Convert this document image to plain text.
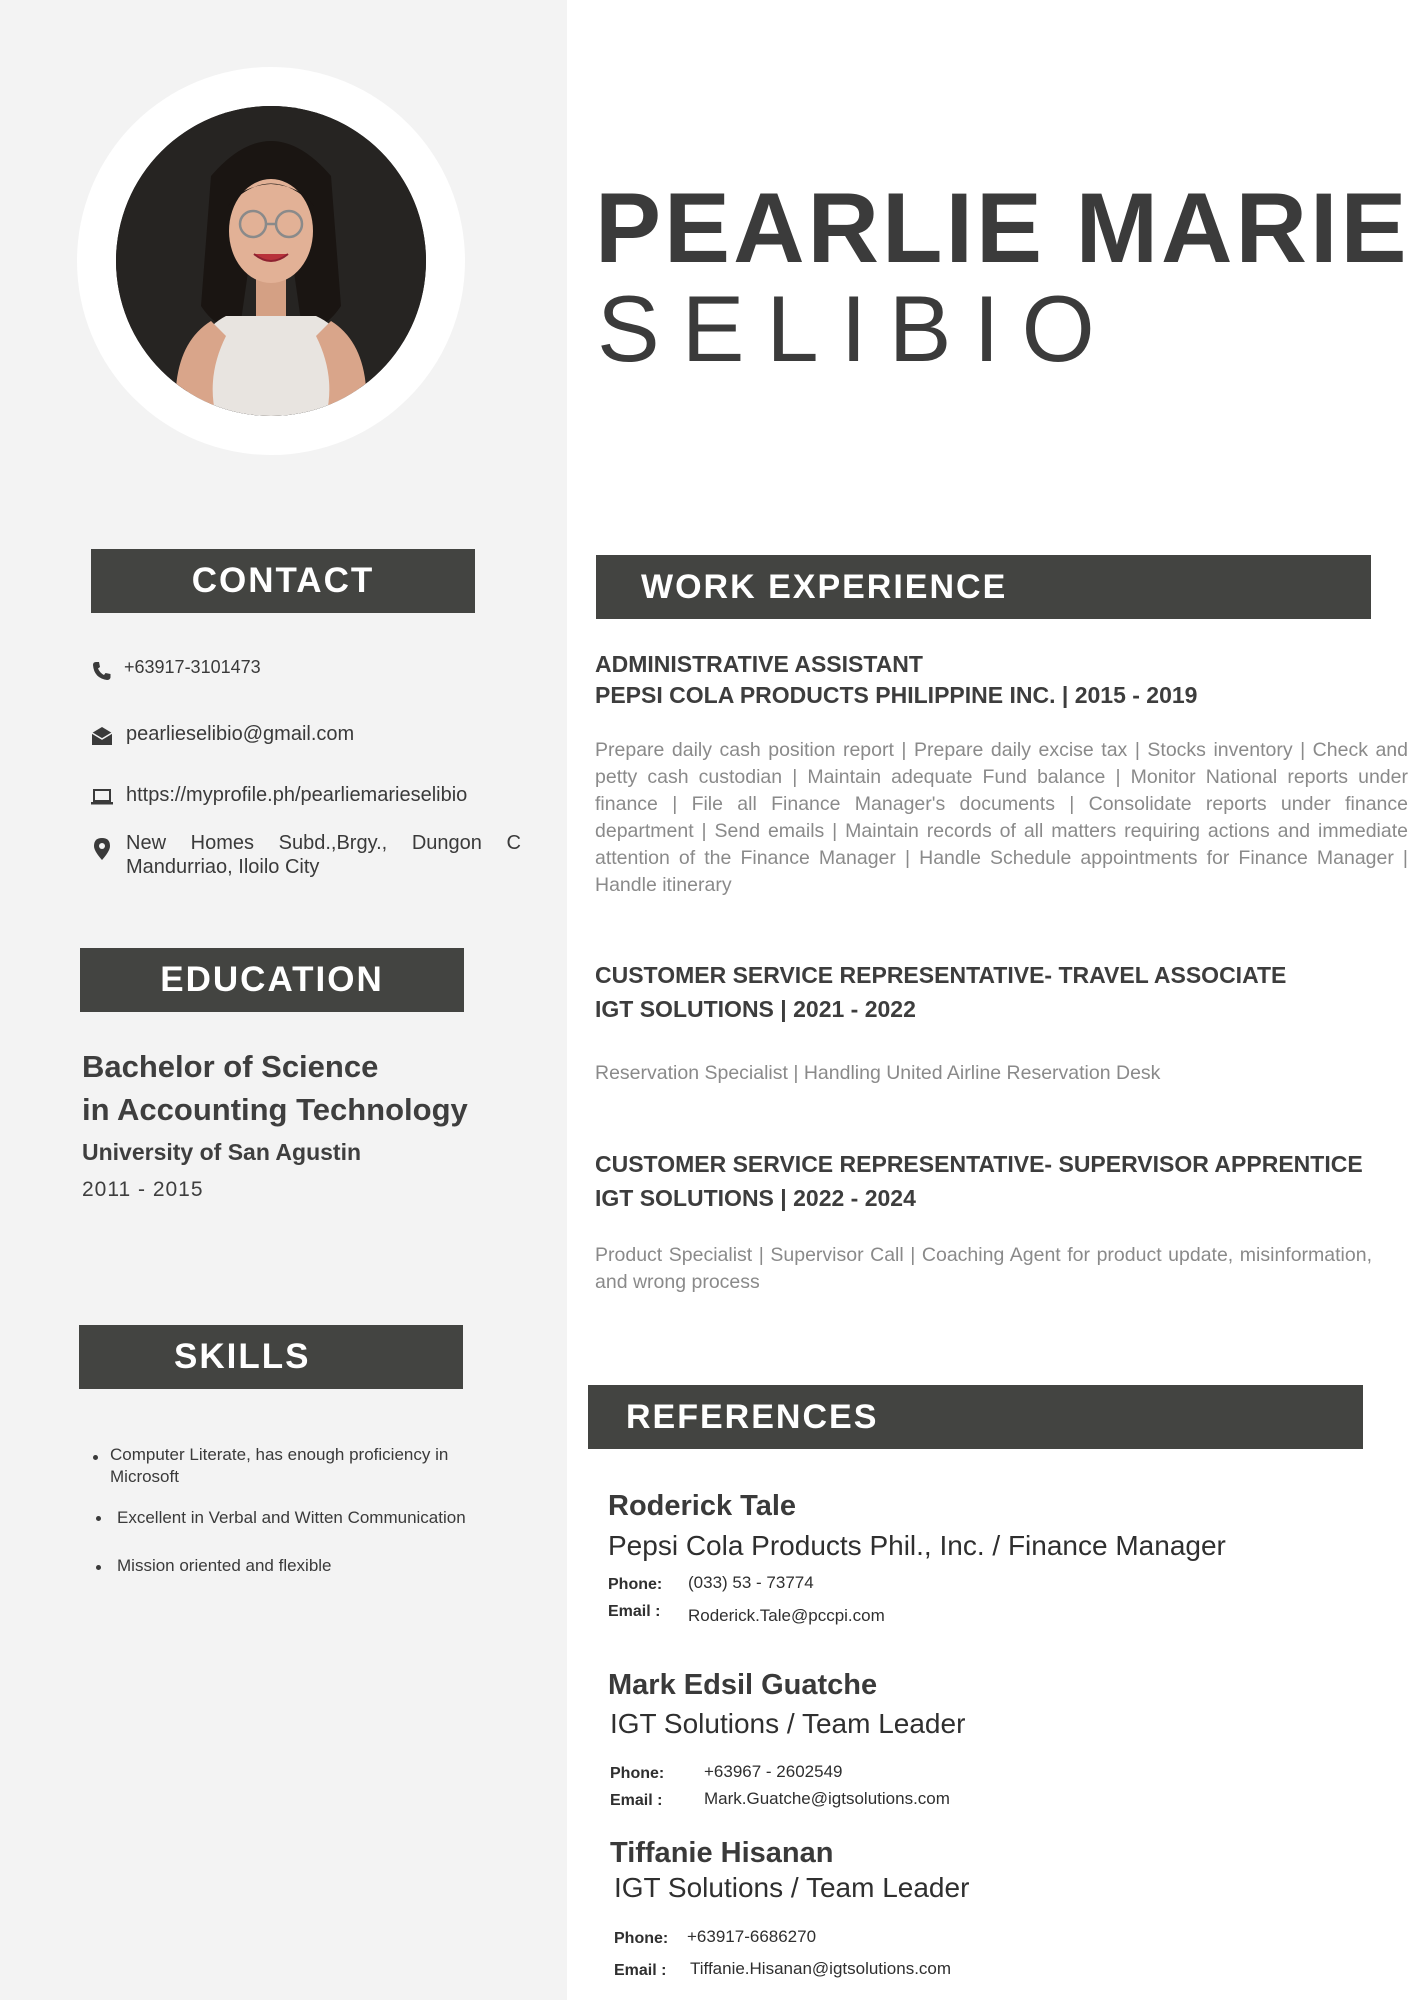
PEARLIE MARIE
SELIBIO
CONTACT
+63917-3101473
pearlieselibio@gmail.com
https://myprofile.ph/pearliemarieselibio
New Homes Subd.,Brgy., Dungon C
Mandurriao, Iloilo City
EDUCATION
Bachelor of Science
in Accounting Technology
University of San Agustin
2011 - 2015
SKILLS
Computer Literate, has enough proficiency in
Microsoft
Excellent in Verbal and Witten Communication
Mission oriented and flexible
WORK EXPERIENCE
ADMINISTRATIVE ASSISTANT
PEPSI COLA PRODUCTS PHILIPPINE INC. | 2015 - 2019

Prepare daily cash position report | Prepare daily excise tax | Stocks inventory | Check and petty cash custodian | Maintain adequate Fund balance | Monitor National reports under finance | File all Finance Manager's documents | Consolidate reports under finance department | Send emails | Maintain records of all matters requiring actions and immediate attention of the Finance Manager | Handle Schedule appointments for Finance Manager | Handle itinerary

CUSTOMER SERVICE REPRESENTATIVE- TRAVEL ASSOCIATE
IGT SOLUTIONS | 2021 - 2022

Reservation Specialist | Handling United Airline Reservation Desk

CUSTOMER SERVICE REPRESENTATIVE- SUPERVISOR APPRENTICE
IGT SOLUTIONS | 2022 - 2024

Product Specialist | Supervisor Call | Coaching Agent for product update, misinformation, and wrong process

REFERENCES
Roderick Tale
Pepsi Cola Products Phil., Inc. / Finance Manager
Phone: (033) 53 - 73774
Email : Roderick.Tale@pccpi.com
Mark Edsil Guatche
IGT Solutions / Team Leader
Phone: +63967 - 2602549
Email : Mark.Guatche@igtsolutions.com
Tiffanie Hisanan
IGT Solutions / Team Leader
Phone: +63917-6686270
Email : Tiffanie.Hisanan@igtsolutions.com
